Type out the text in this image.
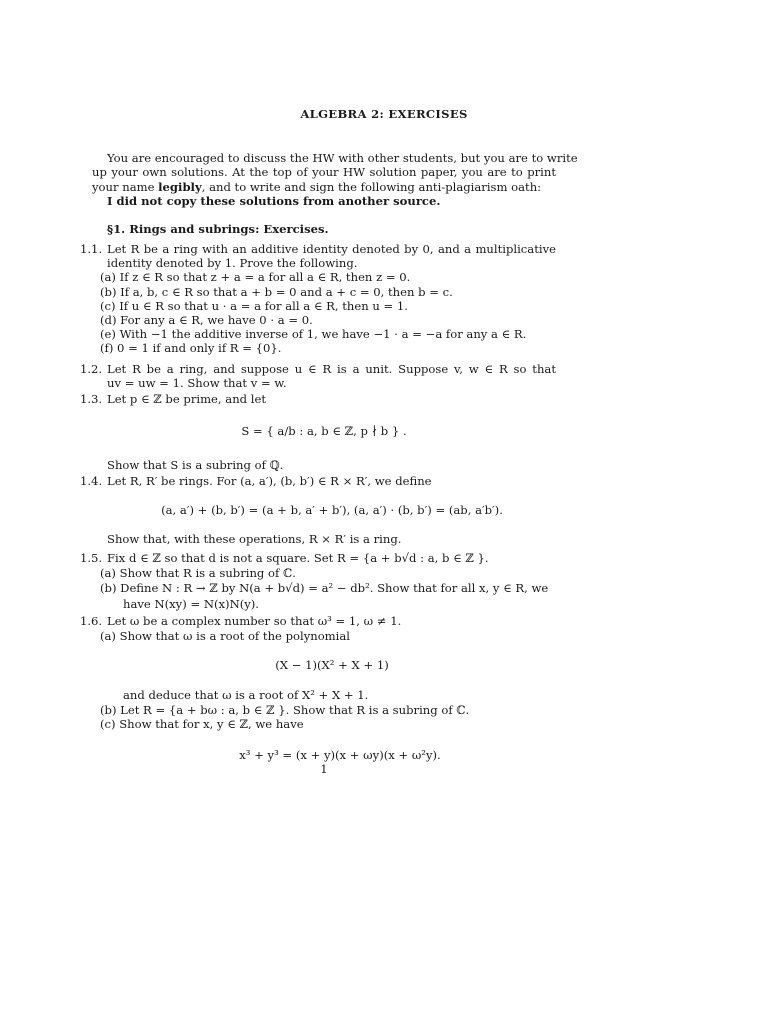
ALGEBRA 2: EXERCISES
You are encouraged to discuss the HW with other students, but you are to write
up your own solutions. At the top of your HW solution paper, you are to print
your name legibly, and to write and sign the following anti-plagiarism oath:
I did not copy these solutions from another source.
§1. Rings and subrings: Exercises.
1.1. Let R be a ring with an additive identity denoted by 0, and a multiplicative
identity denoted by 1. Prove the following.
(a) If z ∈ R so that z + a = a for all a ∈ R, then z = 0.
(b) If a, b, c ∈ R so that a + b = 0 and a + c = 0, then b = c.
(c) If u ∈ R so that u · a = a for all a ∈ R, then u = 1.
(d) For any a ∈ R, we have 0 · a = 0.
(e) With −1 the additive inverse of 1, we have −1 · a = −a for any a ∈ R.
(f) 0 = 1 if and only if R = {0}.
1.2. Let R be a ring, and suppose u ∈ R is a unit. Suppose v, w ∈ R so that
uv = uw = 1. Show that v = w.
1.3. Let p ∈ ℤ be prime, and let
S = { a/b : a, b ∈ ℤ, p ∤ b } .
Show that S is a subring of ℚ.
1.4. Let R, R′ be rings. For (a, a′), (b, b′) ∈ R × R′, we define
(a, a′) + (b, b′) = (a + b, a′ + b′), (a, a′) · (b, b′) = (ab, a′b′).
Show that, with these operations, R × R′ is a ring.
1.5. Fix d ∈ ℤ so that d is not a square. Set R = {a + b√d : a, b ∈ ℤ }.
(a) Show that R is a subring of ℂ.
(b) Define N : R → ℤ by N(a + b√d) = a² − db². Show that for all x, y ∈ R, we
have N(xy) = N(x)N(y).
1.6. Let ω be a complex number so that ω³ = 1, ω ≠ 1.
(a) Show that ω is a root of the polynomial
(X − 1)(X² + X + 1)
and deduce that ω is a root of X² + X + 1.
(b) Let R = {a + bω : a, b ∈ ℤ }. Show that R is a subring of ℂ.
(c) Show that for x, y ∈ ℤ, we have
x³ + y³ = (x + y)(x + ωy)(x + ω²y).
1
